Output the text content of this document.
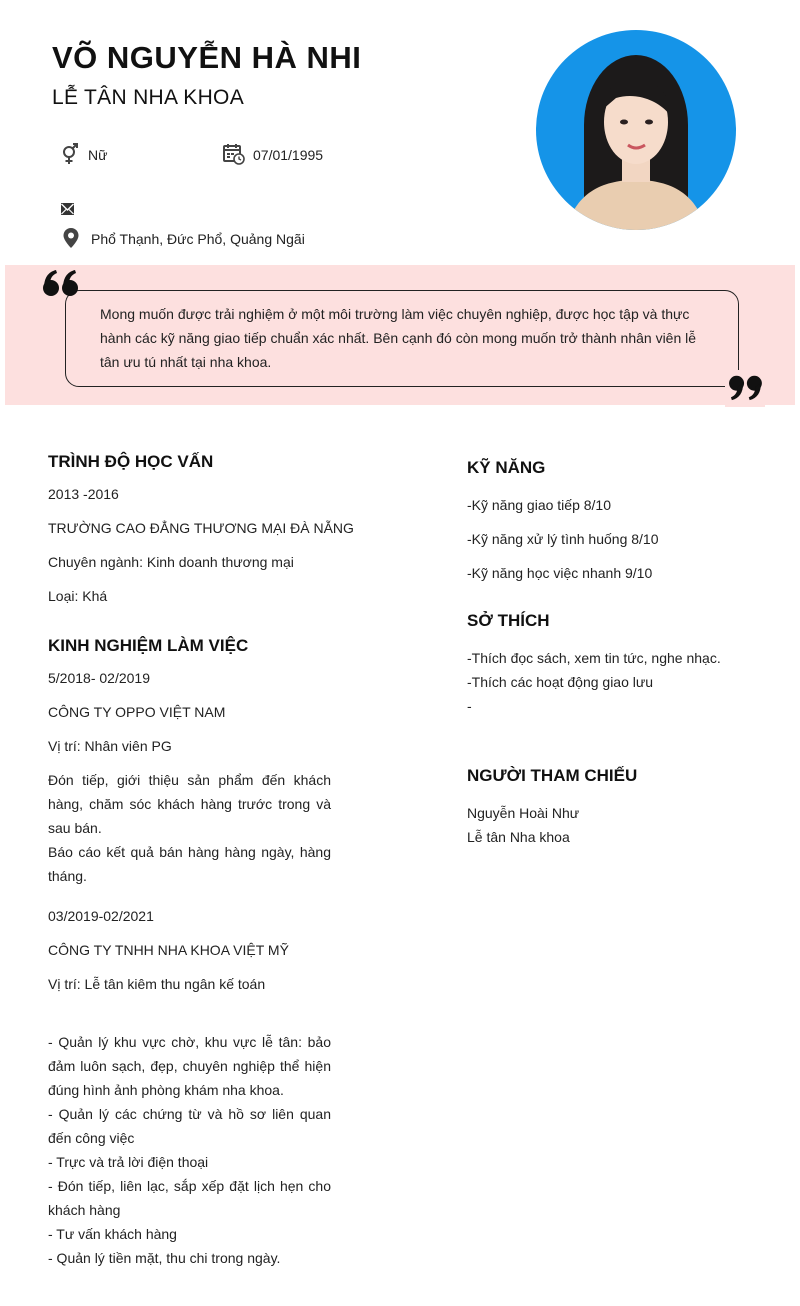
VÕ NGUYỄN HÀ NHI
LỄ TÂN NHA KHOA
Nữ	07/01/1995
Phổ Thạnh, Đức Phổ, Quảng Ngãi
Mong muốn được trải nghiệm ở một môi trường làm việc chuyên nghiệp, được học tập và thực hành các kỹ năng giao tiếp chuẩn xác nhất. Bên cạnh đó còn mong muốn trở thành nhân viên lễ tân ưu tú nhất tại nha khoa.
TRÌNH ĐỘ HỌC VẤN
2013 -2016
TRƯỜNG CAO ĐẲNG THƯƠNG MẠI ĐÀ NẴNG
Chuyên ngành: Kinh doanh thương mại
Loại: Khá
KINH NGHIỆM LÀM VIỆC
5/2018- 02/2019
CÔNG TY OPPO VIỆT NAM
Vị trí: Nhân viên PG
Đón tiếp, giới thiệu sản phẩm đến khách hàng, chăm sóc khách hàng trước trong và sau bán.
Báo cáo kết quả bán hàng hàng ngày, hàng tháng.
03/2019-02/2021
CÔNG TY TNHH NHA KHOA VIỆT MỸ
Vị trí: Lễ tân kiêm thu ngân kế toán
- Quản lý khu vực chờ, khu vực lễ tân: bảo đảm luôn sạch, đẹp, chuyên nghiệp thể hiện đúng hình ảnh phòng khám nha khoa.
- Quản lý các chứng từ và hồ sơ liên quan đến công việc
- Trực và trả lời điện thoại
- Đón tiếp, liên lạc, sắp xếp đặt lịch hẹn cho khách hàng
- Tư vấn khách hàng
- Quản lý tiền mặt, thu chi trong ngày.
KỸ NĂNG
-Kỹ năng giao tiếp 8/10
-Kỹ năng xử lý tình huống 8/10
-Kỹ năng học việc nhanh 9/10
SỞ THÍCH
-Thích đọc sách, xem tin tức, nghe nhạc.
-Thích các hoạt động giao lưu
-
NGƯỜI THAM CHIẾU
Nguyễn Hoài Như
Lễ tân Nha khoa
